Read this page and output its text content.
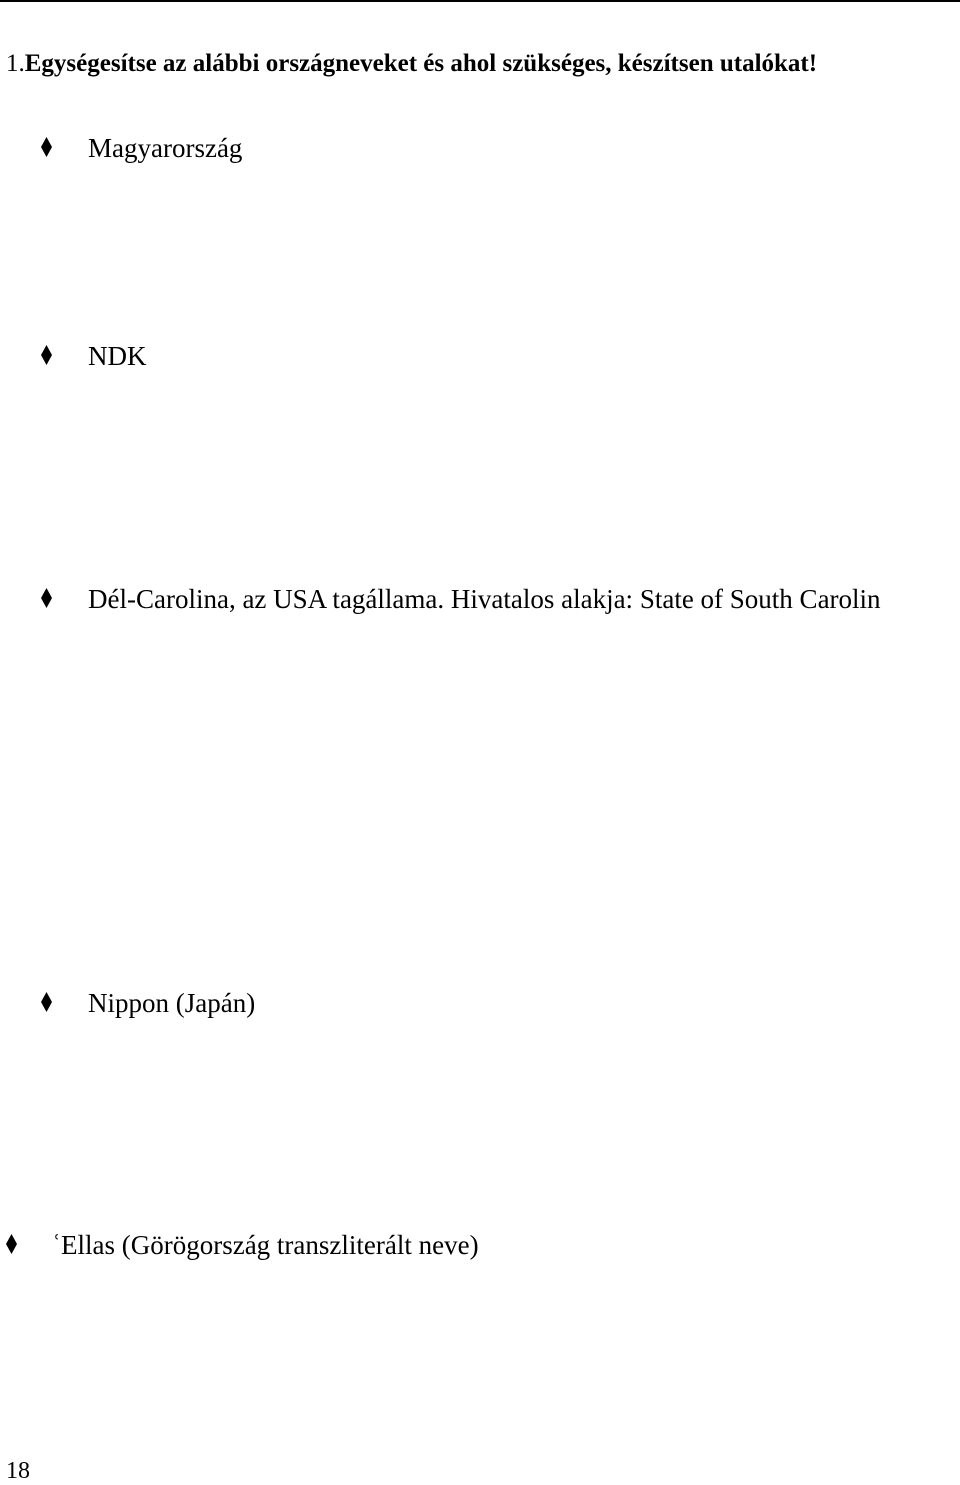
1.Egységesítse az alábbi országneveket és ahol szükséges, készítsen utalókat!
Magyarország
NDK
Dél-Carolina, az USA tagállama. Hivatalos alakja: State of South Carolin
Nippon (Japán)
ʿEllas (Görögország transzliterált neve)
18
